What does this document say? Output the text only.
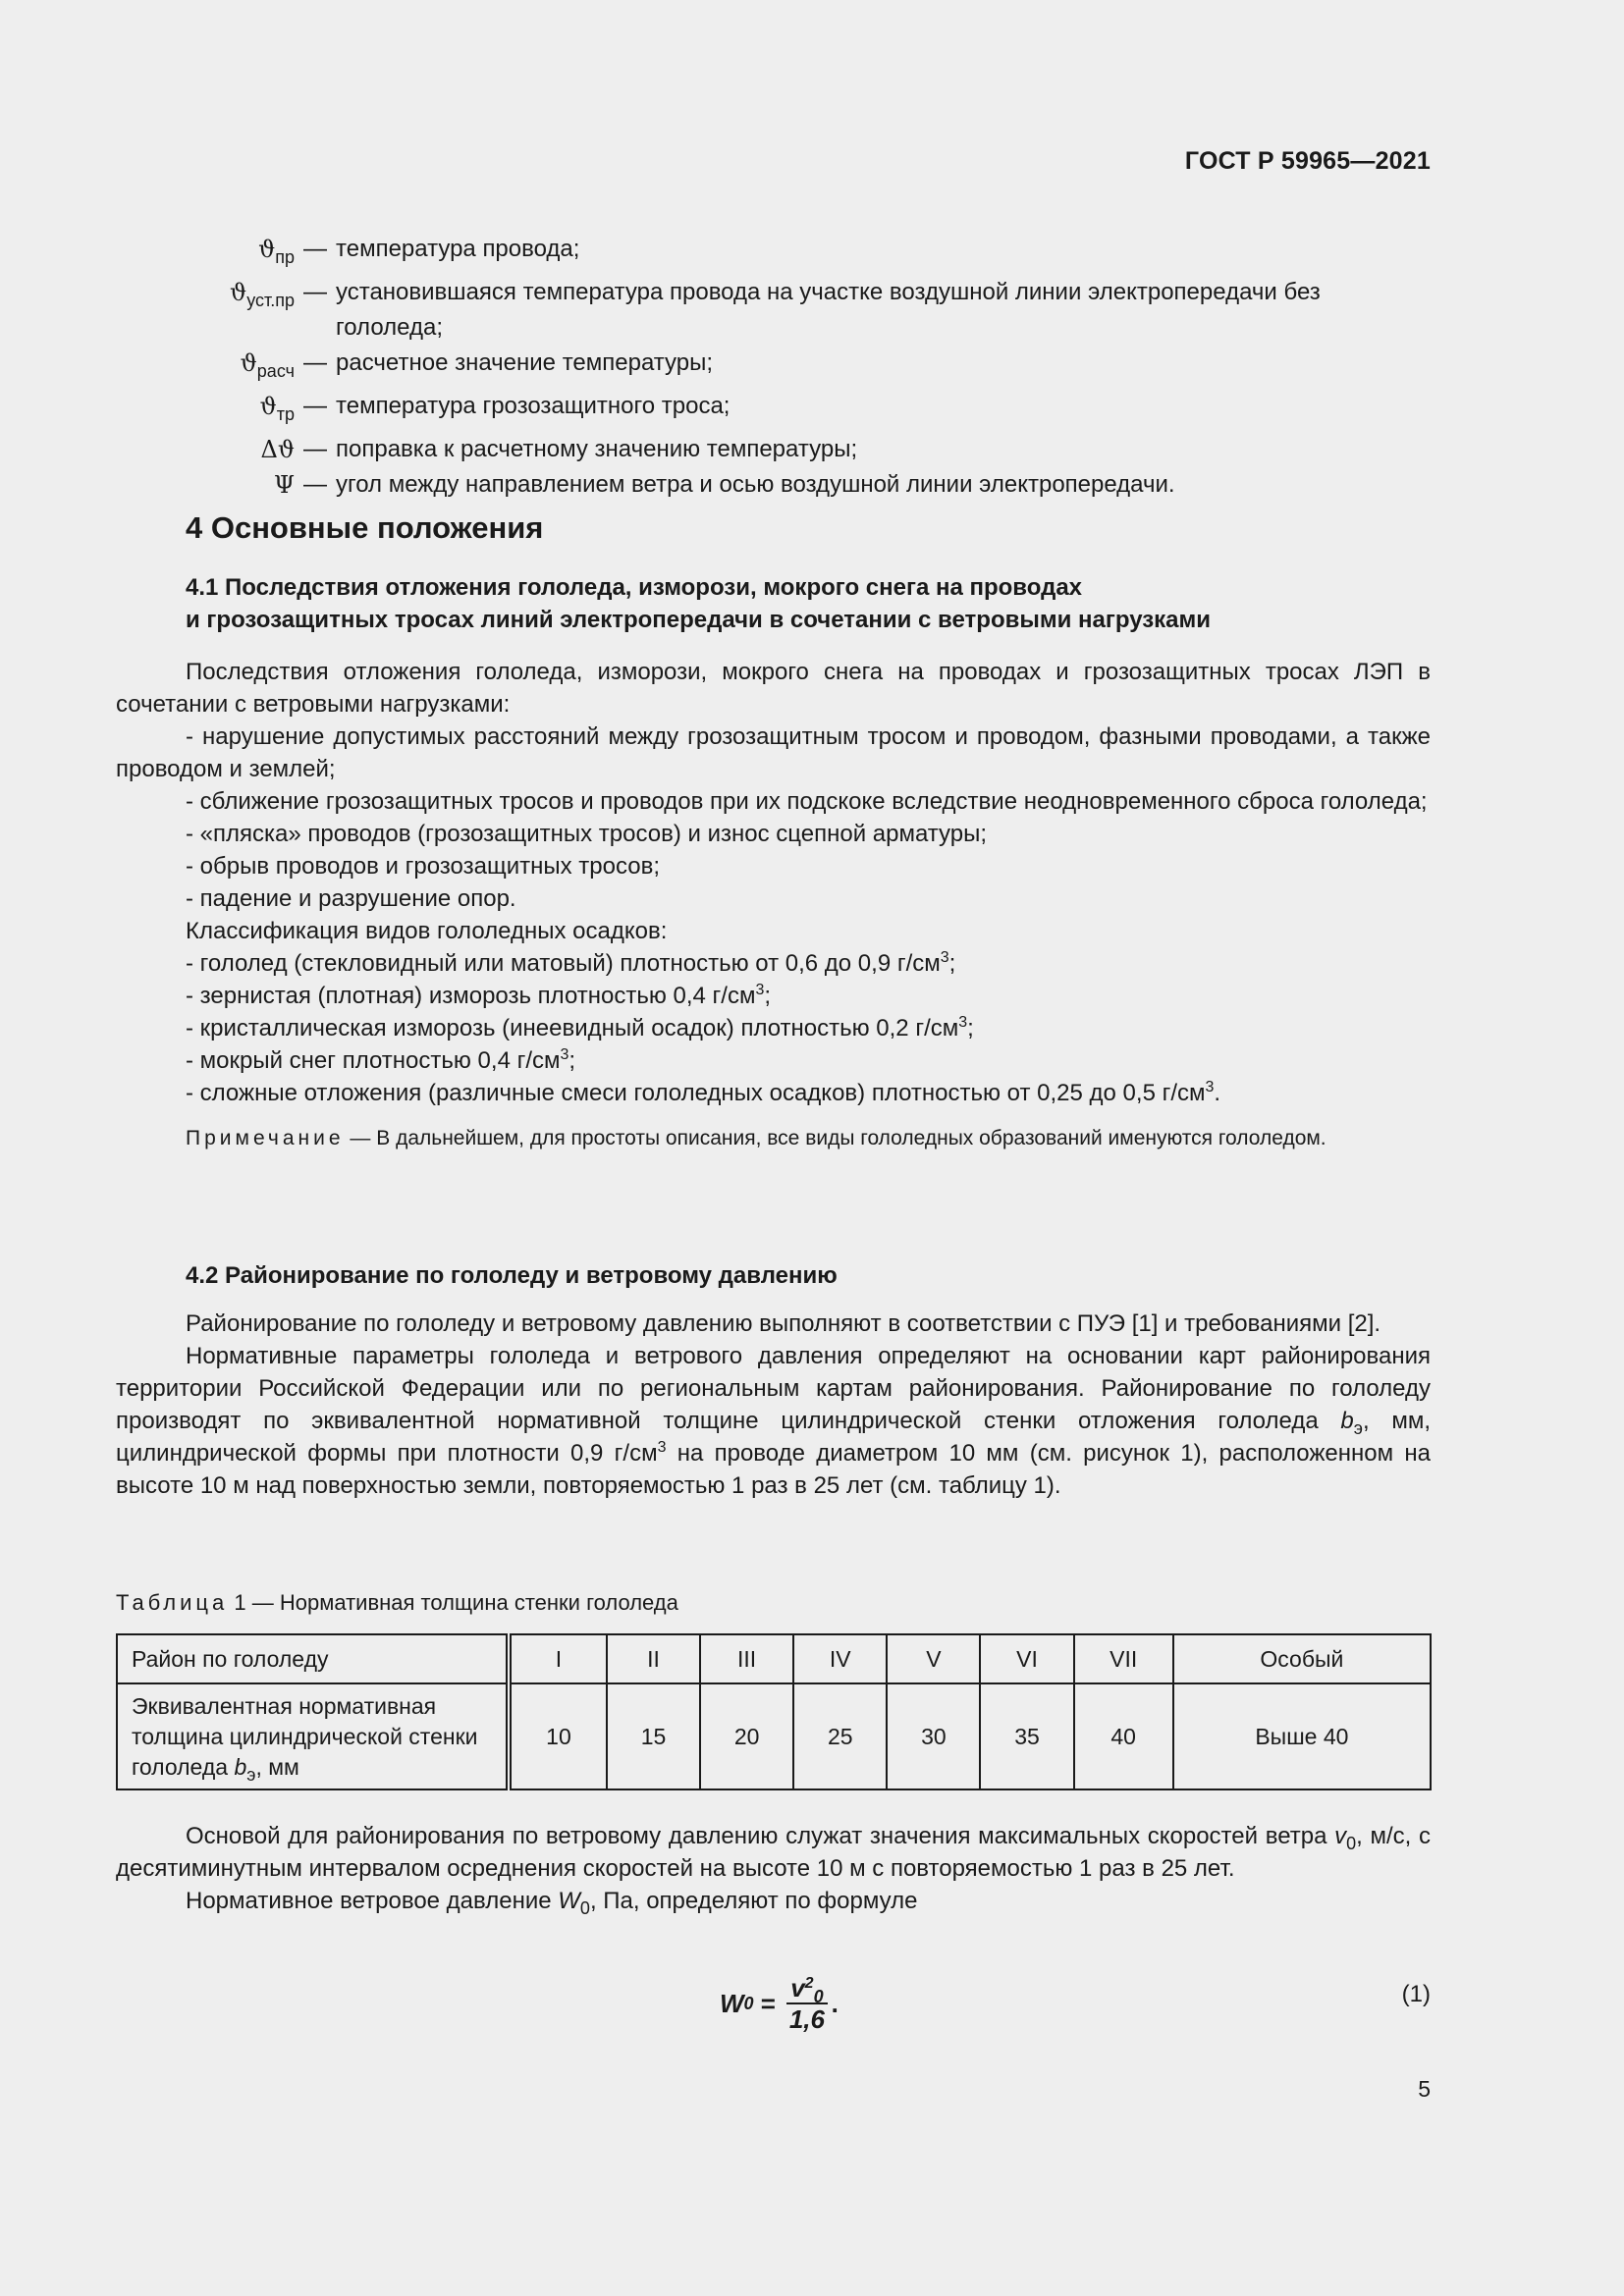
ГОСТ Р 59965—2021
$ϑ_{пр}$ — температура провода;
$ϑ_{уст.пр}$ — установившаяся температура провода на участке воздушной линии электропередачи без гололеда;
$ϑ_{расч}$ — расчетное значение температуры;
$ϑ_{тр}$ — температура грозозащитного троса;
Δϑ — поправка к расчетному значению температуры;
Ψ — угол между направлением ветра и осью воздушной линии электропередачи.
4 Основные положения
4.1 Последствия отложения гололеда, изморози, мокрого снега на проводах
и грозозащитных тросах линий электропередачи в сочетании с ветровыми нагрузками

Последствия отложения гололеда, изморози, мокрого снега на проводах и грозозащитных тросах ЛЭП в сочетании с ветровыми нагрузками:

- нарушение допустимых расстояний между грозозащитным тросом и проводом, фазными проводами, а также проводом и землей;

- сближение грозозащитных тросов и проводов при их подскоке вследствие неодновременного сброса гололеда;

- «пляска» проводов (грозозащитных тросов) и износ сцепной арматуры;

- обрыв проводов и грозозащитных тросов;

- падение и разрушение опор.

Классификация видов гололедных осадков:

- гололед (стекловидный или матовый) плотностью от 0,6 до 0,9 $г/см^3$;

- зернистая (плотная) изморозь плотностью 0,4 $г/см^3$;

- кристаллическая изморозь (инеевидный осадок) плотностью 0,2 $г/см^3$;

- мокрый снег плотностью 0,4 $г/см^3$;

- сложные отложения (различные смеси гололедных осадков) плотностью от 0,25 до 0,5 $г/см^3$.

Примечание — В дальнейшем, для простоты описания, все виды гололедных образований именуются гололедом.

4.2 Районирование по гололеду и ветровому давлению

Районирование по гололеду и ветровому давлению выполняют в соответствии с ПУЭ [1] и требованиями [2].

Нормативные параметры гололеда и ветрового давления определяют на основании карт районирования территории Российской Федерации или по региональным картам районирования. Районирование по гололеду производят по эквивалентной нормативной толщине цилиндрической стенки отложения гололеда $b_э$, мм, цилиндрической формы при плотности 0,9 $г/см^3$ на проводе диаметром 10 мм (см. рисунок 1), расположенном на высоте 10 м над поверхностью земли, повторяемостью 1 раз в 25 лет (см. таблицу 1).

Таблица 1 — Нормативная толщина стенки гололеда
Район по гололеду	I	II	III	IV	V	VI	VII	Особый
Эквивалентная нормативная толщина цилиндрической стенки гололеда $b_э$, мм	10	15	20	25	30	35	40	Выше 40

Основой для районирования по ветровому давлению служат значения максимальных скоростей ветра $v_0$, м/с, с десятиминутным интервалом осреднения скоростей на высоте 10 м с повторяемостью 1 раз в 25 лет.

Нормативное ветровое давление $W_0$, Па, определяют по формуле

W $0 = \frac{v^2_0}{1,6}$ .	(1)
5
